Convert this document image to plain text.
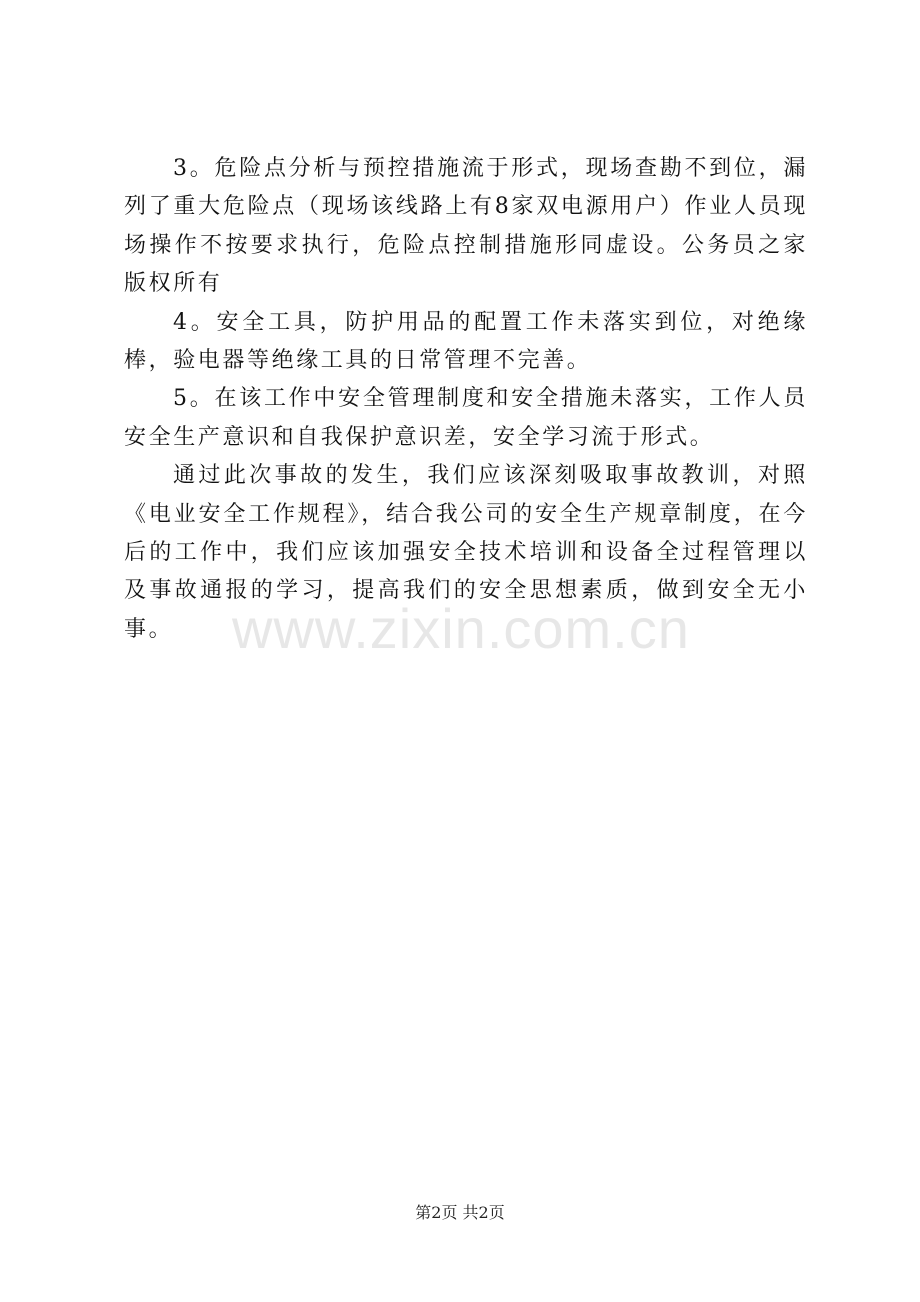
3。危险点分析与预控措施流于形式，现场查勘不到位，漏列了重大危险点（现场该线路上有8家双电源用户）作业人员现场操作不按要求执行，危险点控制措施形同虚设。公务员之家版权所有

4。安全工具，防护用品的配置工作未落实到位，对绝缘棒，验电器等绝缘工具的日常管理不完善。

5。在该工作中安全管理制度和安全措施未落实，工作人员安全生产意识和自我保护意识差，安全学习流于形式。

通过此次事故的发生，我们应该深刻吸取事故教训，对照《电业安全工作规程》，结合我公司的安全生产规章制度，在今后的工作中，我们应该加强安全技术培训和设备全过程管理以及事故通报的学习，提高我们的安全思想素质，做到安全无小事。	www.zixin.com.cn
第2页 共2页
